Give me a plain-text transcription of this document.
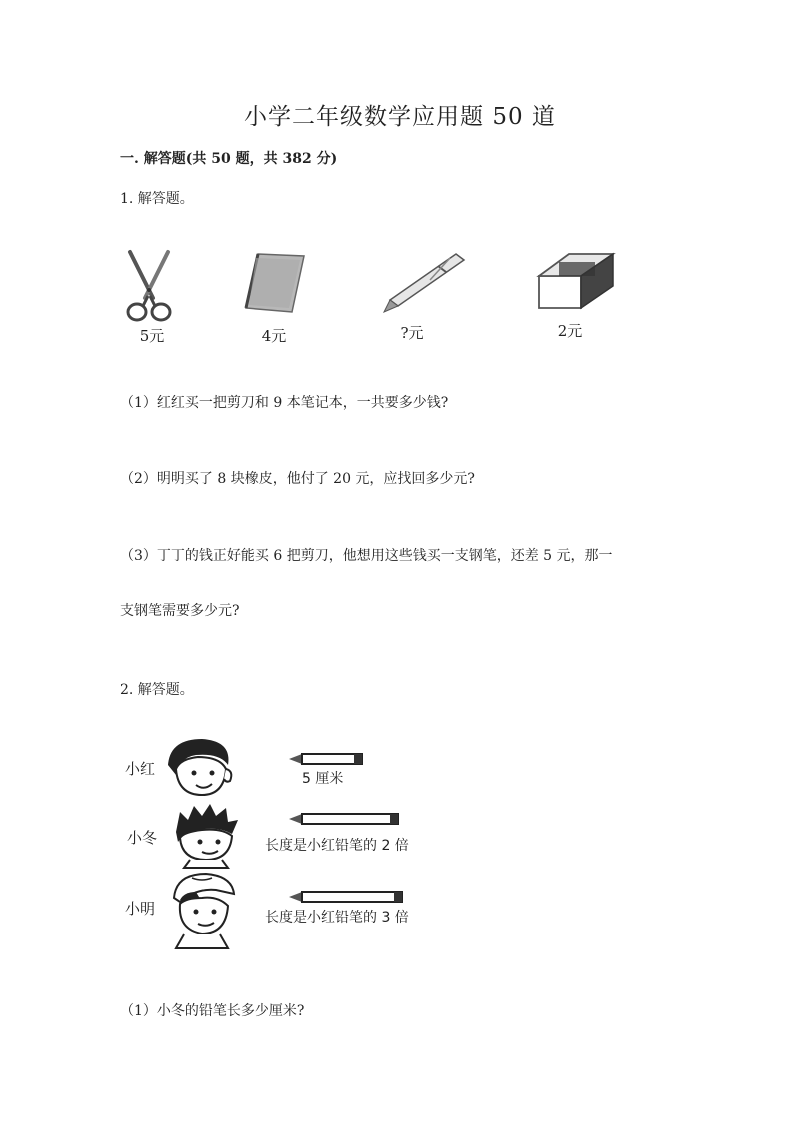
小学二年级数学应用题 50 道
一. 解答题(共 50 题，共 382 分)
1. 解答题。
5元	4元	?元	2元
（1）红红买一把剪刀和 9 本笔记本，一共要多少钱?
（2）明明买了 8 块橡皮，他付了 20 元，应找回多少元?
（3）丁丁的钱正好能买 6 把剪刀，他想用这些钱买一支钢笔，还差 5 元，那一
支钢笔需要多少元?
2. 解答题。
小红
5 厘米
小冬	长度是小红铅笔的 2 倍
小明	长度是小红铅笔的 3 倍
（1）小冬的铅笔长多少厘米?
